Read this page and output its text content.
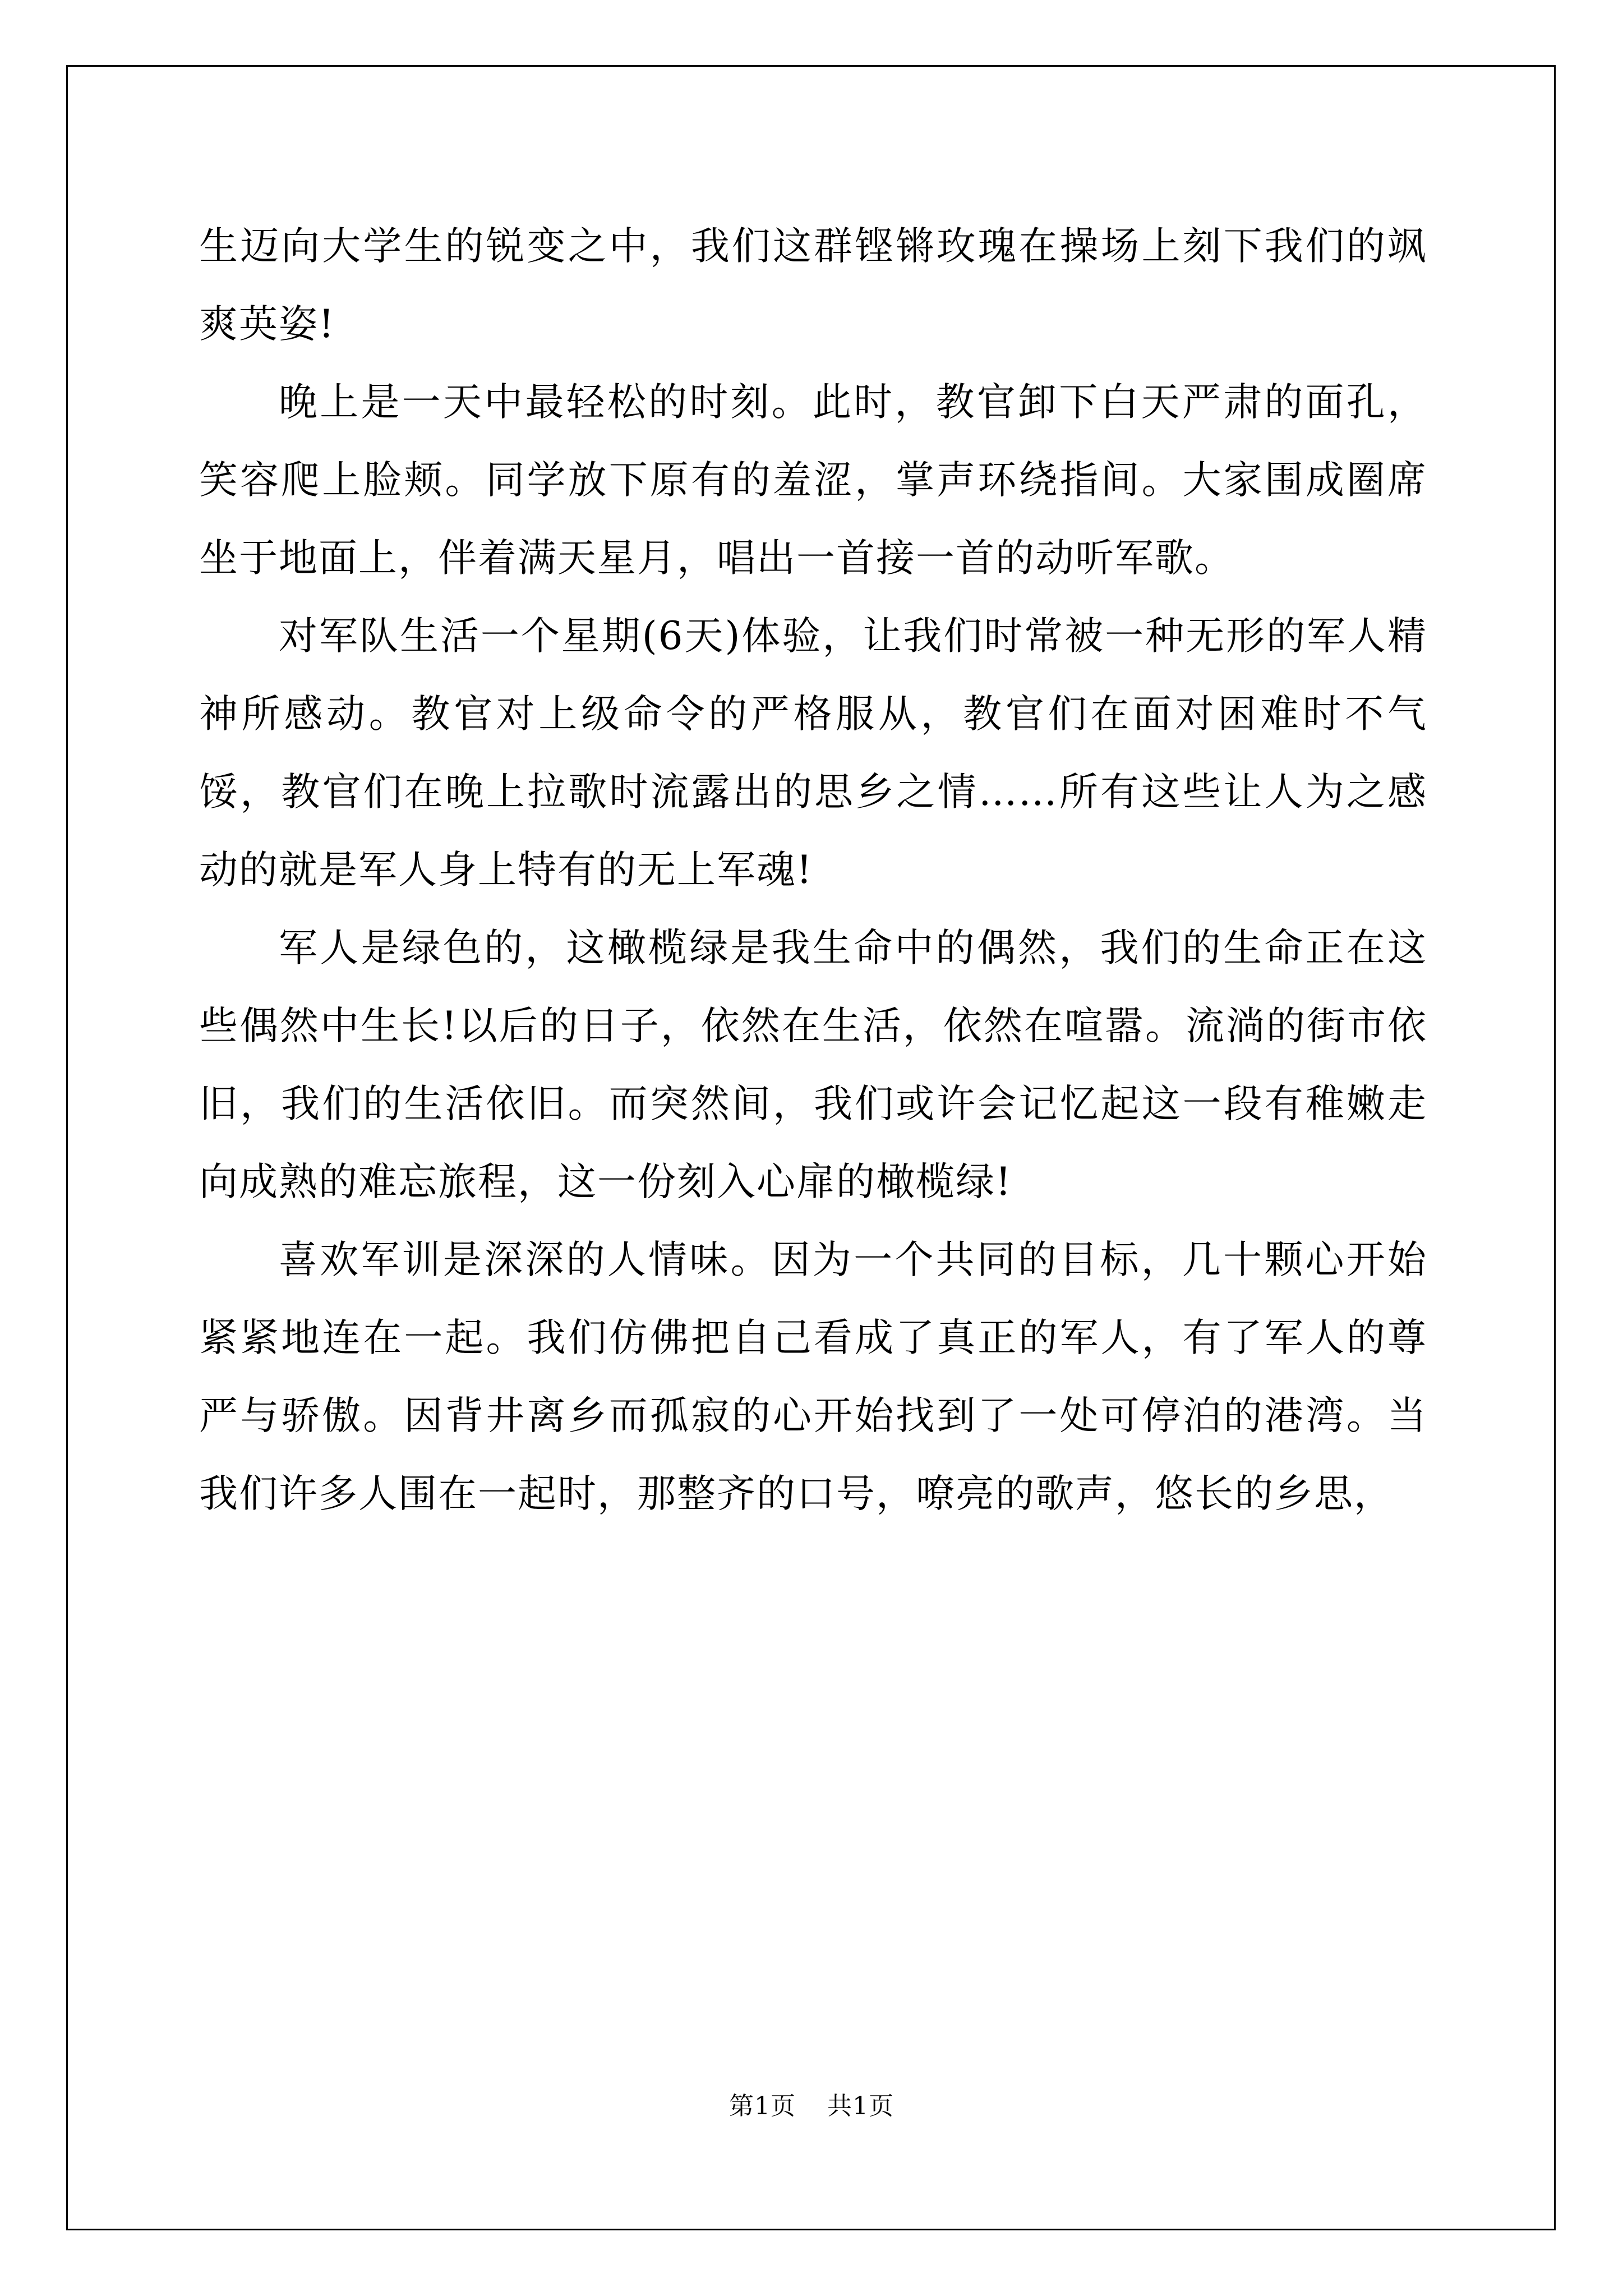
生迈向大学生的锐变之中，我们这群铿锵玫瑰在操场上刻下我们的飒爽英姿!

晚上是一天中最轻松的时刻。此时，教官卸下白天严肃的面孔，笑容爬上脸颊。同学放下原有的羞涩，掌声环绕指间。大家围成圈席坐于地面上，伴着满天星月，唱出一首接一首的动听军歌。

对军队生活一个星期(6天)体验，让我们时常被一种无形的军人精神所感动。教官对上级命令的严格服从，教官们在面对困难时不气馁，教官们在晚上拉歌时流露出的思乡之情……所有这些让人为之感动的就是军人身上特有的无上军魂!

军人是绿色的，这橄榄绿是我生命中的偶然，我们的生命正在这些偶然中生长!以后的日子，依然在生活，依然在喧嚣。流淌的街市依旧，我们的生活依旧。而突然间，我们或许会记忆起这一段有稚嫩走向成熟的难忘旅程，这一份刻入心扉的橄榄绿!

喜欢军训是深深的人情味。因为一个共同的目标，几十颗心开始紧紧地连在一起。我们仿佛把自己看成了真正的军人，有了军人的尊严与骄傲。因背井离乡而孤寂的心开始找到了一处可停泊的港湾。当我们许多人围在一起时，那整齐的口号，嘹亮的歌声，悠长的乡思，

第1页 共1页
